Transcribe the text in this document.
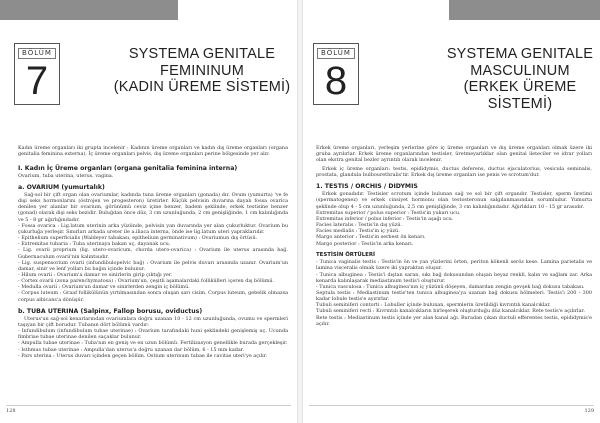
BÖLÜM
7
SYSTEMA GENITALE
FEMININUM
(KADIN ÜREME SİSTEMİ)

Kadın üreme organları iki grupta incelenir : Kadının üreme organları ve kadın dış üreme organları (organa genitalia feminina externa). İç üreme organları pelvis, dış üreme organları perine bölgesinde yer alır.

I. Kadın İç Üreme organları (organa genitalia feminina interna)

Ovarium, tuba uterina, uterus, vagina.

a. OVARIUM (yumurtalık)

Sağ-sol bir çift organ olan ovariumlar, kadında tuna üreme organları (gonada) dır. Ovum (yumurta) 've fe dişi seks hormonlarını (östrojen ve progesteron) üretirler. Küçük pelvisin duvarına dayalı fossa ovarica denilen yer alanlar bir ovarium, görünümü ceviz içine benzer, badem şeklinde, erkek testisine benzer (gonad) olarak dişi seks bezidir. Buluğdan önce düz, 3 cm uzunluğunda, 2 cm genişliğinde, 1 cm kalınlığında ve 5 - 8 gr ağırlığındadır.

- Fossa ovarica : Lig.latum uterinin arka yüzünde, pelvisin yan duvarında yer alan çukurluktur. Ovarium bu çukurluğa yerleşir. Sınırları arkada ureter ile a.iliaca interna, önde ise lig.latum uteri yapraklarıdır.

- Epithelium superficialis (Waldeyer tabakası, epithelium germinativum) : Ovariumun dış örtüsü.

- Extremitas tubaria : Tuba uterinaya bakan uç, dayanak ucu.

- Lig. ovarii proprium (lig. utero-ovaricum, chorda utero-ovarica) : Ovarium ile uterus arasında bağ. Gubernaculum ovarii'nin kalıntısıdır.

- Lig. suspensorium ovarii (infundibulopelvic bağ) : Ovarium ile pelvis duvarı arasında uzanır. Ovarium'un damar, sinir ve lenf yolları bu bağın içinde bulunur.

- Hilum ovarii : Ovarium'a damar ve sinirlerin girip çıktığı yer.

- Cortex ovarii (zona parenchymatosa) : Ovarium'un, çeşitli aşamalardaki follikülleri içeren dış bölümü.

- Medulla ovarii : Ovarium'un damar ve sinirlerden zengin iç bölümü.

- Corpus luteum : Graaf follikülünün yırtılmasından sonra oluşan sarı cisim. Corpus luteum, gebelik olmazsa corpus albicans'a dönüşür.

b. TUBA UTERINA (Salpinx, Fallop borusu, oviductus)

Uterus'un sağ-sol kenarlarından ovariumlara doğru uzanan 10 - 12 cm uzunluğunda, ovumu ve spermleri taşıyan bir çift borudur. Tubanın dört bölümü vardır:

- Infundibulum (infundibulum tubae uterinae) : Ovarium tarafındaki huni şeklindeki genişlemiş uç. Ucunda fimbriae tubae uterinae denilen saçaklar bulunur.

- Ampulla tubae uterinae : Tuba'nın en geniş ve en uzun bölümü. Fertilizasyon genellikle burada gerçekleşir.

- Isthmus tubae uterinae : Ampulla'dan uterus'a doğru uzanan dar bölüm, 6 - 15 mm kadar.

- Pars uterina : Uterus duvarı içinden geçen bölüm. Ostium uterinum tubae ile cavitas uteri'ye açılır.

128
BÖLÜM
8
SYSTEMA GENITALE
MASCULINUM
(ERKEK ÜREME SİSTEMİ)

Erkek üreme organları, yerleşim yerlerine göre iç üreme organları ve dış üreme organları olmak üzere iki gruba ayrılırlar. Erkek üreme organlarından testisler, üretmeyarlıklar olan genital ileteciler ve idrar yolları olan ekstra genital bezler ayrıntılı olarak incelenir.

Erkek iç üreme organları: testis, epididymis, ductus deferens, ductus ejaculatorius, vesicula seminalis, prostata, glandula bulbourethralis'tir. Erkek dış üreme organları ise penis ve scrotum'dur.

1. TESTIS / ORCHIS / DIDYMIS

Erkek gonadıdır. Testisler scrotum içinde bulunan sağ ve sol bir çift organdır. Testisler, sperm üretimi (spermatogenez) ve erkek cinsiyet hormonu olan testosteronun salgılanmasından sorumludur. Yumurta şeklinde olup 4 - 5 cm uzunluğunda, 2,5 cm genişliğinde, 3 cm kalınlığındadır. Ağırlıkları 10 - 15 gr arasıdır.

Extremitas superior / polus superior : Testis'in yukarı ucu.

Extremitas inferior / polus inferior : Testis'in aşağı ucu.

Facies lateralis : Testis'in dış yüzü.

Facies medialis : Testis'in iç yüzü.

Margo anterior : Testis'in serbest ön kenarı.

Margo posterior : Testis'in arka kenarı.

TESTİSİN ÖRTÜLERİ

- Tunica vaginalis testis : Testis'in ön ve yan yüzlerini örten, periton kökenli seröz kese. Lamina parietalis ve lamina visceralis olmak üzere iki yapraktan oluşur.

- Tunica albuginea : Testis'i dıştan saran, sıkı bağ dokusundan oluşan beyaz renkli, kalın ve sağlam zar. Arka kenarda kalınlaşarak mediastinum testis'i oluşturur.

- Tunica vasculosa : Tunica albuginea'nın iç yüzünü döşeyen, damardan zengin gevşek bağ dokusu tabakası.

Septula testis : Mediastinum testis'ten tunica albuginea'ya uzanan bağ dokusu bölmeleri. Testis'i 200 - 300 kadar lobule testis'e ayırırlar.

Tubuli seminiferi contorti : Lobuller içinde bulunan, spermlerin üretildiği kıvrıntılı kanalcıklar.

Tubuli seminiferi recti : Kıvrıntılı kanalcıkların birleşerek oluşturduğu düz kanalcıklar. Rete testis'e açılırlar.

Rete testis : Mediastinum testis içinde yer alan kanal ağı. Buradan çıkan ductuli efferentes testis, epididymis'e açılır.

129
